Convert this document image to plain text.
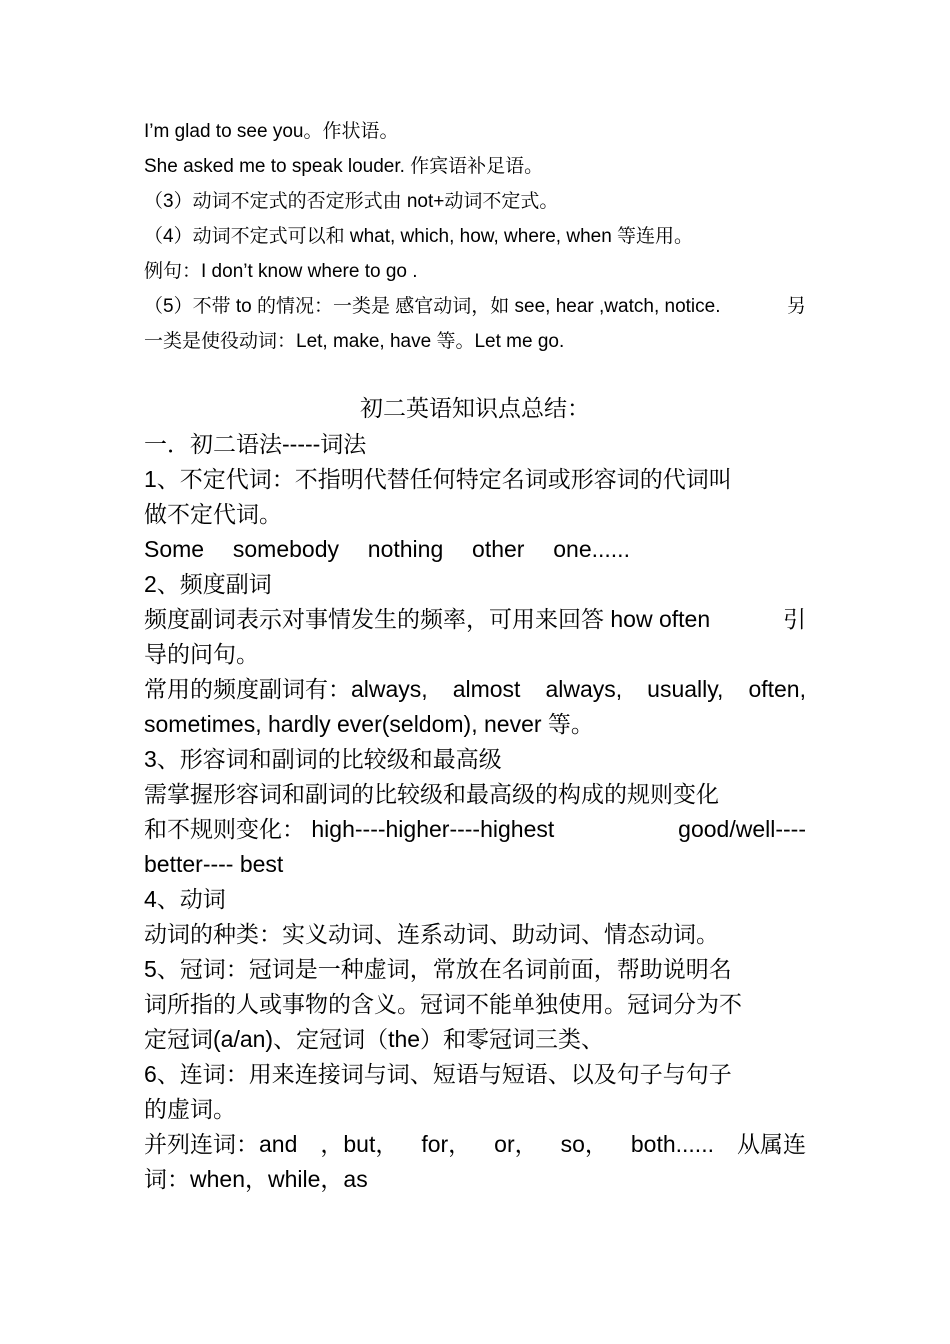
I’m glad to see you。作状语。
She asked me to speak louder. 作宾语补足语。
（3）动词不定式的否定形式由 not+动词不定式。
（4）动词不定式可以和 what, which, how, where, when 等连用。
例句：I don’t know where to go .
（5）不带 to 的情况：一类是 感官动词，如 see, hear ,watch, notice.	另
一类是使役动词：Let, make, have 等。Let me go.
初二英语知识点总结：
一．初二语法-----词法
1、不定代词：不指明代替任何特定名词或形容词的代词叫
做不定代词。
Some somebody nothing other one......
2、频度副词
频度副词表示对事情发生的频率，可用来回答 how often	引
导的问句。
常用的频度副词有：always, almost always, usually, often,
sometimes, hardly ever(seldom), never 等。
3、形容词和副词的比较级和最高级
需掌握形容词和副词的比较级和最高级的构成的规则变化
和不规则变化： high----higher----highest	good/well----
better---- best
4、动词
动词的种类：实义动词、连系动词、助动词、情态动词。
5、冠词：冠词是一种虚词，常放在名词前面，帮助说明名
词所指的人或事物的含义。冠词不能单独使用。冠词分为不
定冠词(a/an)、定冠词（the）和零冠词三类、
6、连词：用来连接词与词、短语与短语、以及句子与句子
的虚词。
并列连词：and ，but， for， or， so， both...... 从属连
词：when，while，as
